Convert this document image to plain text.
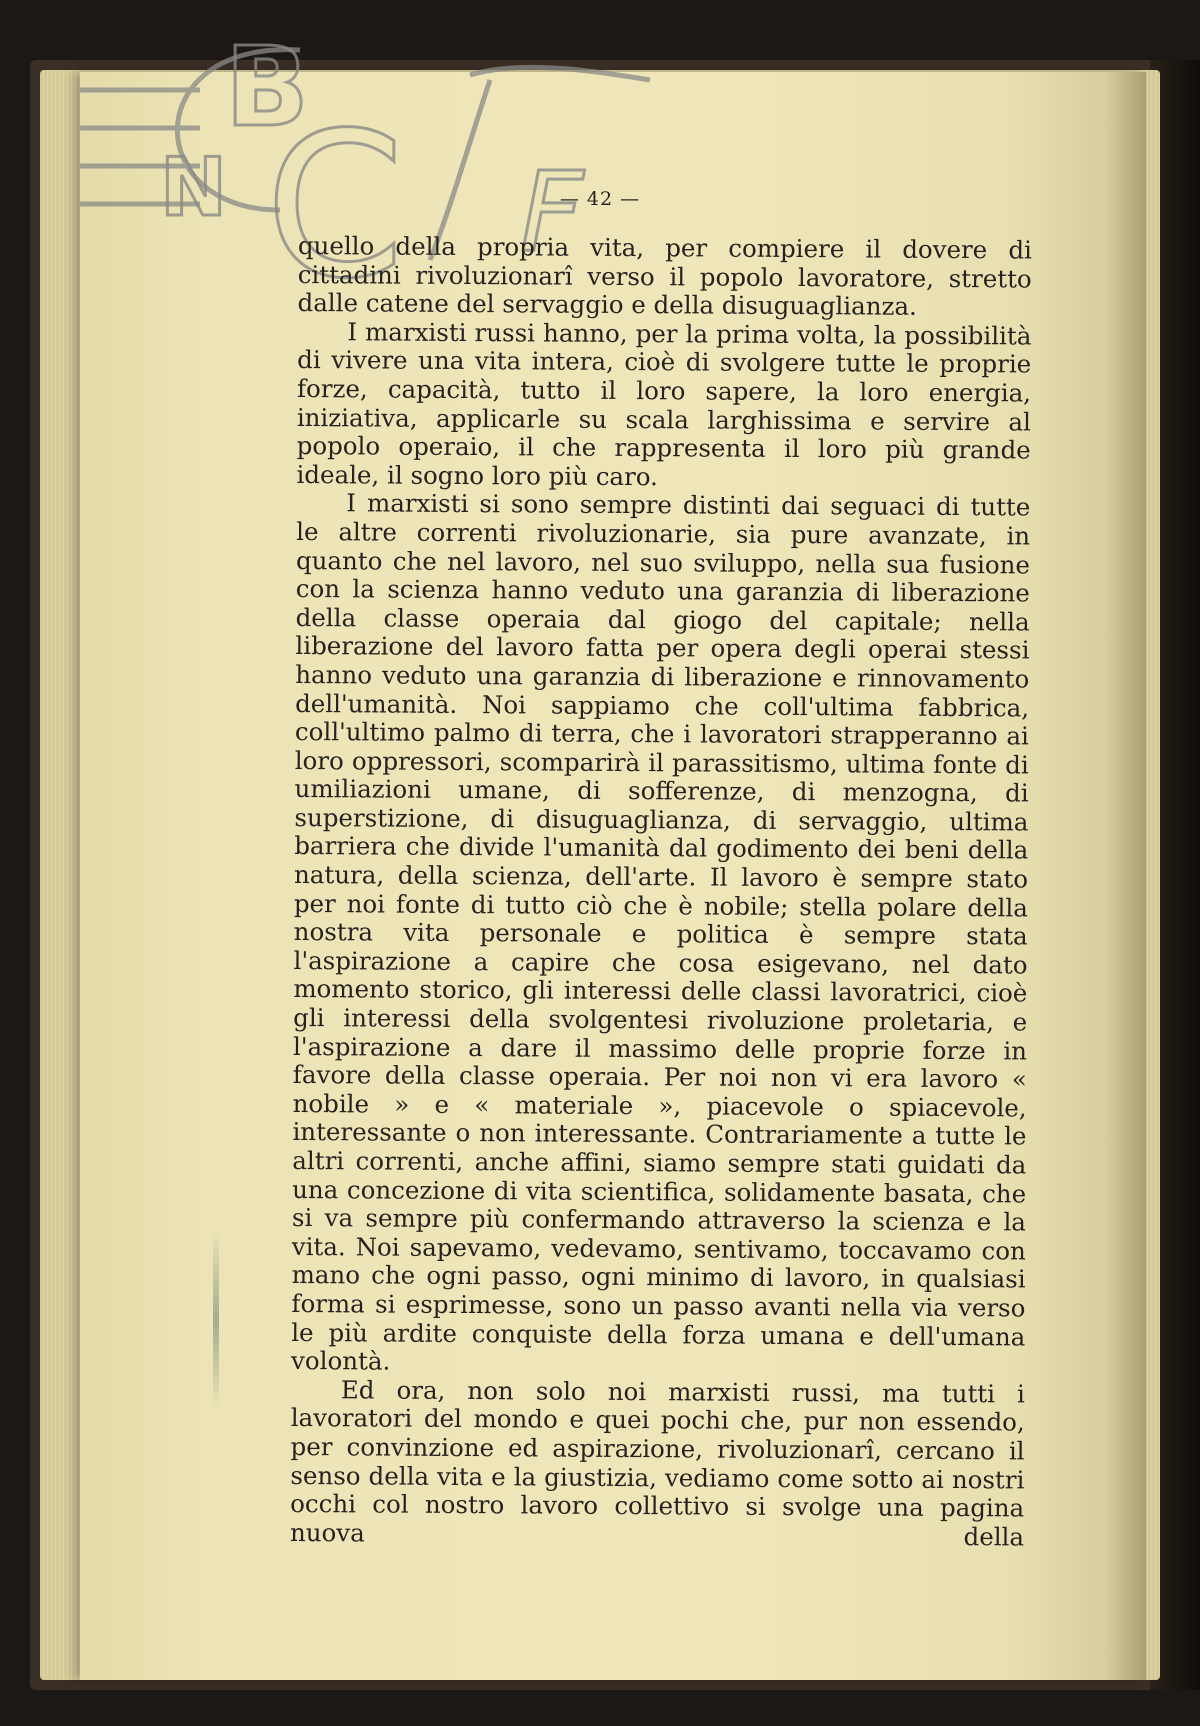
B
N C F
— 42 —

quello della propria vita, per compiere il dovere di cittadini rivoluzionarî verso il popolo lavoratore, stretto dalle catene del servaggio e della disuguaglianza.

I marxisti russi hanno, per la prima volta, la possibilità di vivere una vita intera, cioè di svolgere tutte le proprie forze, capacità, tutto il loro sapere, la loro energia, iniziativa, applicarle su scala larghissima e servire al popolo operaio, il che rappresenta il loro più grande ideale, il sogno loro più caro.

I marxisti si sono sempre distinti dai seguaci di tutte le altre correnti rivoluzionarie, sia pure avanzate, in quanto che nel lavoro, nel suo sviluppo, nella sua fusione con la scienza hanno veduto una garanzia di liberazione della classe operaia dal giogo del capitale; nella liberazione del lavoro fatta per opera degli operai stessi hanno veduto una garanzia di liberazione e rinnovamento dell'umanità. Noi sappiamo che coll'ultima fabbrica, coll'ultimo palmo di terra, che i lavoratori strapperanno ai loro oppressori, scomparirà il parassitismo, ultima fonte di umiliazioni umane, di sofferenze, di menzogna, di superstizione, di disuguaglianza, di servaggio, ultima barriera che divide l'umanità dal godimento dei beni della natura, della scienza, dell'arte. Il lavoro è sempre stato per noi fonte di tutto ciò che è nobile; stella polare della nostra vita personale e politica è sempre stata l'aspirazione a capire che cosa esigevano, nel dato momento storico, gli interessi delle classi lavoratrici, cioè gli interessi della svolgentesi rivoluzione proletaria, e l'aspirazione a dare il massimo delle proprie forze in favore della classe operaia. Per noi non vi era lavoro « nobile » e « materiale », piacevole o spiacevole, interessante o non interessante. Contrariamente a tutte le altri correnti, anche affini, siamo sempre stati guidati da una concezione di vita scientifica, solidamente basata, che si va sempre più confermando attraverso la scienza e la vita. Noi sapevamo, vedevamo, sentivamo, toccavamo con mano che ogni passo, ogni minimo di lavoro, in qualsiasi forma si esprimesse, sono un passo avanti nella via verso le più ardite conquiste della forza umana e dell'umana volontà.

Ed ora, non solo noi marxisti russi, ma tutti i lavoratori del mondo e quei pochi che, pur non essendo, per convinzione ed aspirazione, rivoluzionarî, cercano il senso della vita e la giustizia, vediamo come sotto ai nostri occhi col nostro lavoro collettivo si svolge una pagina nuova della
